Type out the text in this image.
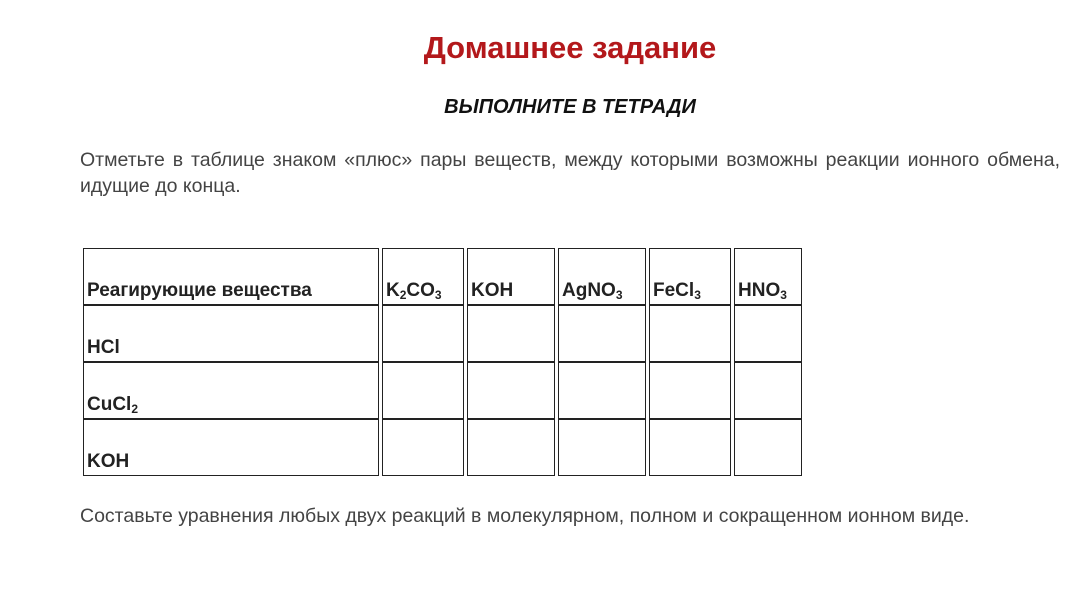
Домашнее задание
ВЫПОЛНИТЕ В ТЕТРАДИ

Отметьте в таблице знаком «плюс» пары веществ, между которыми возможны реакции ионного обмена, идущие до конца.

Реагирующие вещества	$K_2CO_3$	KOH	AgNO$_3$	FeCl$_3$	$HNO_3$
HCl					
CuCl$_2$					
KOH					

Составьте уравнения любых двух реакций в молекулярном, полном и сокращенном ионном виде.
